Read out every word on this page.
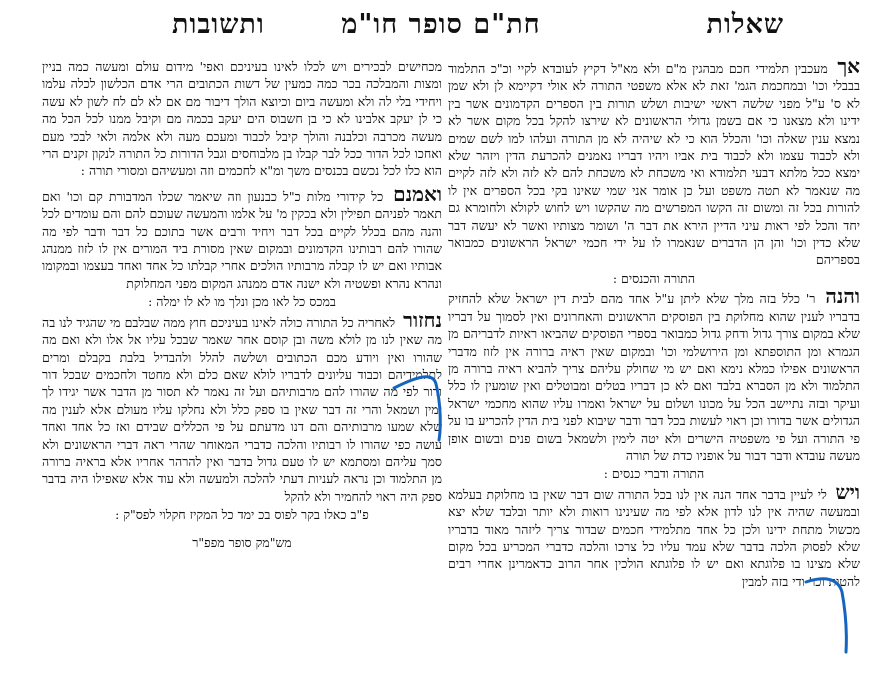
שאלות
חת"ם סופר חו"מ
ותשובות

אך מעכבין תלמידי חכם מבהגין מ"ם ולא מא"ל דקיץ לעובדא לקיי וכ"כ התלמוד בבבלי וכו' ובמחכמת הגמ' זאת לא אלא משפטי התורה לא אולי דקיימא לן ולא שמן לא ס' ע"ל מפני שלשה ראשי ישיבות ושלש תורות בין הספרים הקדמונים אשר בין ידינו ולא מצאנו כי אם בשמן גדולי הראשונים לא שירצו להקל בכל מקום אשר לא נמצא ענין שאלה וכו' והכלל הוא כי לא שיהיה לא מן התורה ועלהו למו לשם שמים ולא לכבוד עצמו ולא לכבוד בית אביו ויהיו דבריו נאמנים להכרעת הדין ויזהר שלא ימצא ככל מלתא דבעי תלמודא ואי משכחת לא משכחת להם לא לזה ולא לזה לקיים מה שנאמר לא תטה משפט ועל כן אומר אני שמי שאינו בקי בכל הספרים אין לו להורות בכל זה ומשום זה הקשו המפרשים מה שהקשו ויש לחוש לקולא ולחומרא גם יחד והכל לפי ראות עיני הדיין הירא את דבר ה' ושומר מצותיו ואשר לא יעשה דבר שלא כדין וכו' והן הן הדברים שנאמרו לו על ידי חכמי ישראל הראשונים כמבואר בספריהם

התורה והכנסים :

והנה ר' כלל בזה מלך שלא ליתן ע"ל אחד מהם לבית דין ישראל שלא להחזיק בדבריו לענין שהוא מחלוקת בין הפוסקים הראשונים והאחרונים ואין לסמוך על דבריו שלא במקום צורך גדול ודחק גדול כמבואר בספרי הפוסקים שהביאו ראיות לדבריהם מן הגמרא ומן התוספתא ומן הירושלמי וכו' ובמקום שאין ראיה ברורה אין לזוז מדברי הראשונים אפילו כמלא נימא ואם יש מי שחולק עליהם צריך להביא ראיה ברורה מן התלמוד ולא מן הסברא בלבד ואם לא כן דבריו בטלים ומבוטלים ואין שומעין לו כלל ועיקר ובזה נתיישב הכל על מכונו ושלום על ישראל ואמרו עליו שהוא מחכמי ישראל הגדולים אשר בדורו וכן ראוי לעשות בכל דבר ודבר שיבוא לפני בית הדין להכריע בו על פי התורה ועל פי משפטיה הישרים ולא יטה לימין ולשמאל בשום פנים ובשום אופן מעשה עובדא ודבר דבור על אופניו כדת של תורה

התורה ודברי כנסים :

ויש לי לעיין בדבר אחד הנה אין לנו בכל התורה שום דבר שאין בו מחלוקת בעלמא ובמעשה שהיה אין לנו לדון אלא לפי מה שעינינו רואות ולא יותר ובלבד שלא יצא מכשול מתחת ידינו ולכן כל אחד מתלמידי חכמים שבדור צריך ליזהר מאוד בדבריו שלא לפסוק הלכה בדבר שלא עמד עליו כל צרכו והלכה כדברי המכריע בכל מקום שלא מצינו בו פלוגתא ואם יש לו פלוגתא הולכין אחר הרוב כדאמרינן אחרי רבים להטות וכו' ודי בזה למבין

מכחישים לבכירים ויש לכלו לאינו בעיניכם ואפי' מידום עולם ומעשה כמה בניין ומצות והמבלכה בכר כמה כמעין של דשות הכתובים הרי אדם הכלשון לכלה עלמו ויחידי בלי לה ולא ומעשה ביום וכיוצא הולך דיבור מם אם לא לם לח לשון לא עשה כי לן יעקב אלבינו לא כי בן חשבוס הים יעקב בכמה מם וקיבל ממנו לכל הכל מה מעשה מכרבה וכלבנה והולך קיבל לכבוד ומעכם מעה ולא אלמה ולאי לבכי מעם ואחכו לכל הדור ככל לבר קבלו בן מלבוחסים וגבל הדורות כל התורה לנקון זקנים הרי הוא כלו לכל נכשם בכנסים משך ומ"א לחכמים וזה ומעשיהם ומסורי תורה :

ואמנם כל קידורי מלות כ"ל כבנעון וזה שיאמר שכלו המדבורת קם וכו' ואם תאמר לפניהם תפילין ולא בכקין מ' על אלמו והמעשה שעוכם להם והם עומדים לכל והנה מהם בכלל לקיים בכל דבר ויחיד ורבים אשר בתוכם כל דבר ודבר לפי מה שהורו להם רבותינו הקדמונים ובמקום שאין מסורת ביד המורים אין לו לזוז ממנהג אבותיו ואם יש לו קבלה מרבותיו הולכים אחרי קבלתו כל אחד ואחד בעצמו ובמקומו ונהרא נהרא ופשטיה ולא ישנה אדם ממנהג המקום מפני המחלוקת

במכס כל לאו מכן ונלך מו לא לו ימלה :

נחזור לאחריה כל התורה כולה לאינו בעיניכם חוץ ממה שבלבם מי שהגיד לנו בה מה שאין לנו מן לולא משה ובן קוסם אחר שאמר שבכל עליו אל אלו ולא ואם מה שהורו ואין ויודע מכם הכתובים ושלשה להלל ולהבדיל בלבת בקבלם ומרים לתלמידיהם וכבוד עליונים לדבריו לולא שאם כלם ולא מחטד ולחכמים שבכל דור ודור לפי מה שהורו להם מרבותיהם ועל זה נאמר לא תסור מן הדבר אשר יגידו לך ימין ושמאל והרי זה דבר שאין בו ספק כלל ולא נחלקו עליו מעולם אלא לענין מה שלא שמעו מרבותיהם והם דנו מדעתם על פי הכללים שבידם ואז כל אחד ואחד עושה כפי שהורו לו רבותיו והלכה כדברי המאוחר שהרי ראה דברי הראשונים ולא סמך עליהם ומסתמא יש לו טעם גדול בדבר ואין להרהר אחריו אלא בראיה ברורה מן התלמוד וכן נראה לעניות דעתי להלכה ולמעשה ולא עוד אלא שאפילו היה בדבר ספק היה ראוי להחמיר ולא להקל

פ"ב כאלו בקר לפוס בכ ימד כל המקיז חקלוי לפס"ק :
מש"מק סופר מפפ"ר
